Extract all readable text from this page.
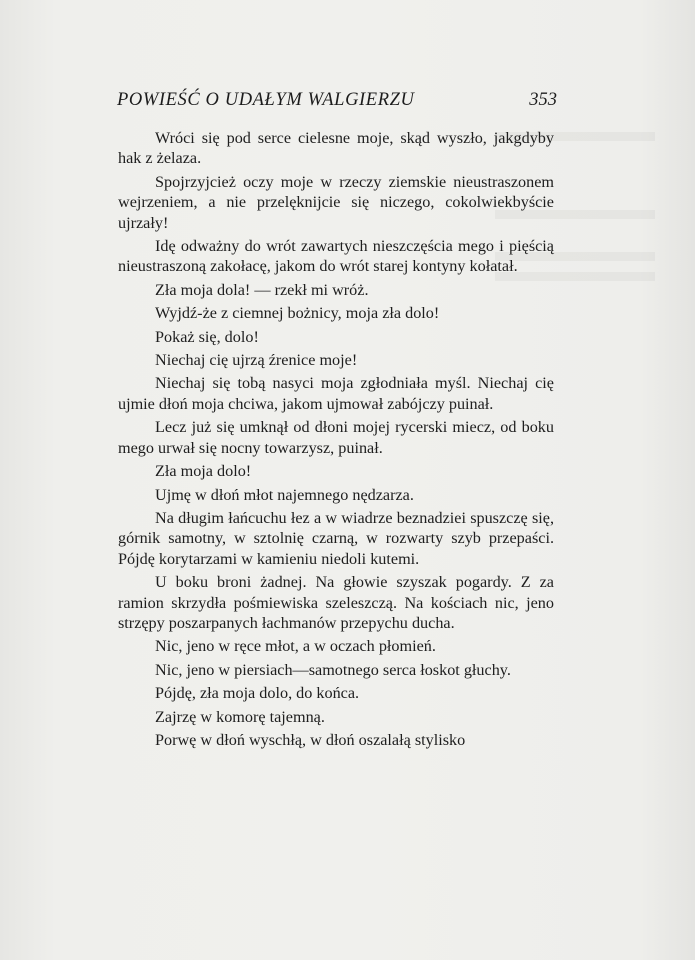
POWIEŚĆ O UDAŁYM WALGIERZU	353

Wróci się pod serce cielesne moje, skąd wyszło, jakgdyby hak z żelaza.

Spojrzyjcież oczy moje w rzeczy ziemskie nieustraszonem wejrzeniem, a nie przelęknijcie się niczego, cokolwiekbyście ujrzały!

Idę odważny do wrót zawartych nieszczęścia mego i pięścią nieustraszoną zakołacę, jakom do wrót starej kontyny kołatał.

Zła moja dola! — rzekł mi wróż.

Wyjdź-że z ciemnej bożnicy, moja zła dolo!

Pokaż się, dolo!

Niechaj cię ujrzą źrenice moje!

Niechaj się tobą nasyci moja zgłodniała myśl. Niechaj cię ujmie dłoń moja chciwa, jakom ujmował zabójczy puinał.

Lecz już się umknął od dłoni mojej rycerski miecz, od boku mego urwał się nocny towarzysz, puinał.

Zła moja dolo!

Ujmę w dłoń młot najemnego nędzarza.

Na długim łańcuchu łez a w wiadrze beznadziei spuszczę się, górnik samotny, w sztolnię czarną, w rozwarty szyb przepaści. Pójdę korytarzami w kamieniu niedoli kutemi.

U boku broni żadnej. Na głowie szyszak pogardy. Z za ramion skrzydła pośmiewiska szeleszczą. Na kościach nic, jeno strzępy poszarpanych łachmanów przepychu ducha.

Nic, jeno w ręce młot, a w oczach płomień.

Nic, jeno w piersiach—samotnego serca łoskot głuchy.

Pójdę, zła moja dolo, do końca.

Zajrzę w komorę tajemną.

Porwę w dłoń wyschłą, w dłoń oszalałą stylisko
